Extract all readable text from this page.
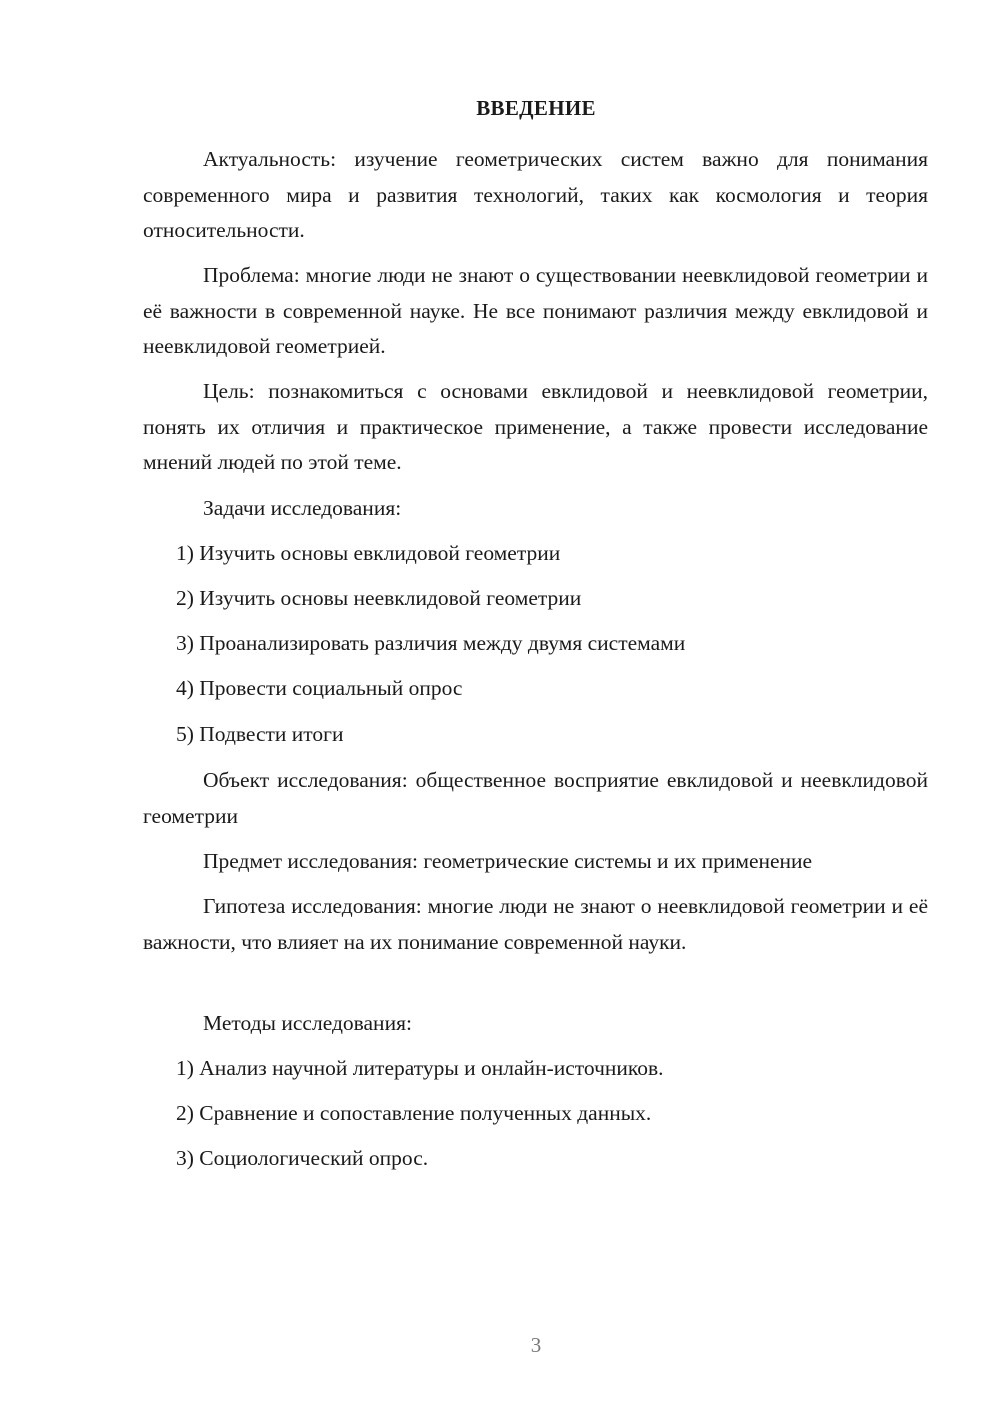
ВВЕДЕНИЕ

Актуальность: изучение геометрических систем важно для понимания современного мира и развития технологий, таких как космология и теория относительности.

Проблема: многие люди не знают о существовании неевклидовой геометрии и её важности в современной науке. Не все понимают различия между евклидовой и неевклидовой геометрией.

Цель: познакомиться с основами евклидовой и неевклидовой геометрии, понять их отличия и практическое применение, а также провести исследование мнений людей по этой теме.

Задачи исследования:
1) Изучить основы евклидовой геометрии
2) Изучить основы неевклидовой геометрии
3) Проанализировать различия между двумя системами
4) Провести социальный опрос
5) Подвести итоги

Объект исследования: общественное восприятие евклидовой и неевклидовой геометрии

Предмет исследования: геометрические системы и их применение

Гипотеза исследования: многие люди не знают о неевклидовой геометрии и её важности, что влияет на их понимание современной науки.

Методы исследования:
1) Анализ научной литературы и онлайн-источников.
2) Сравнение и сопоставление полученных данных.
3) Социологический опрос.
3
